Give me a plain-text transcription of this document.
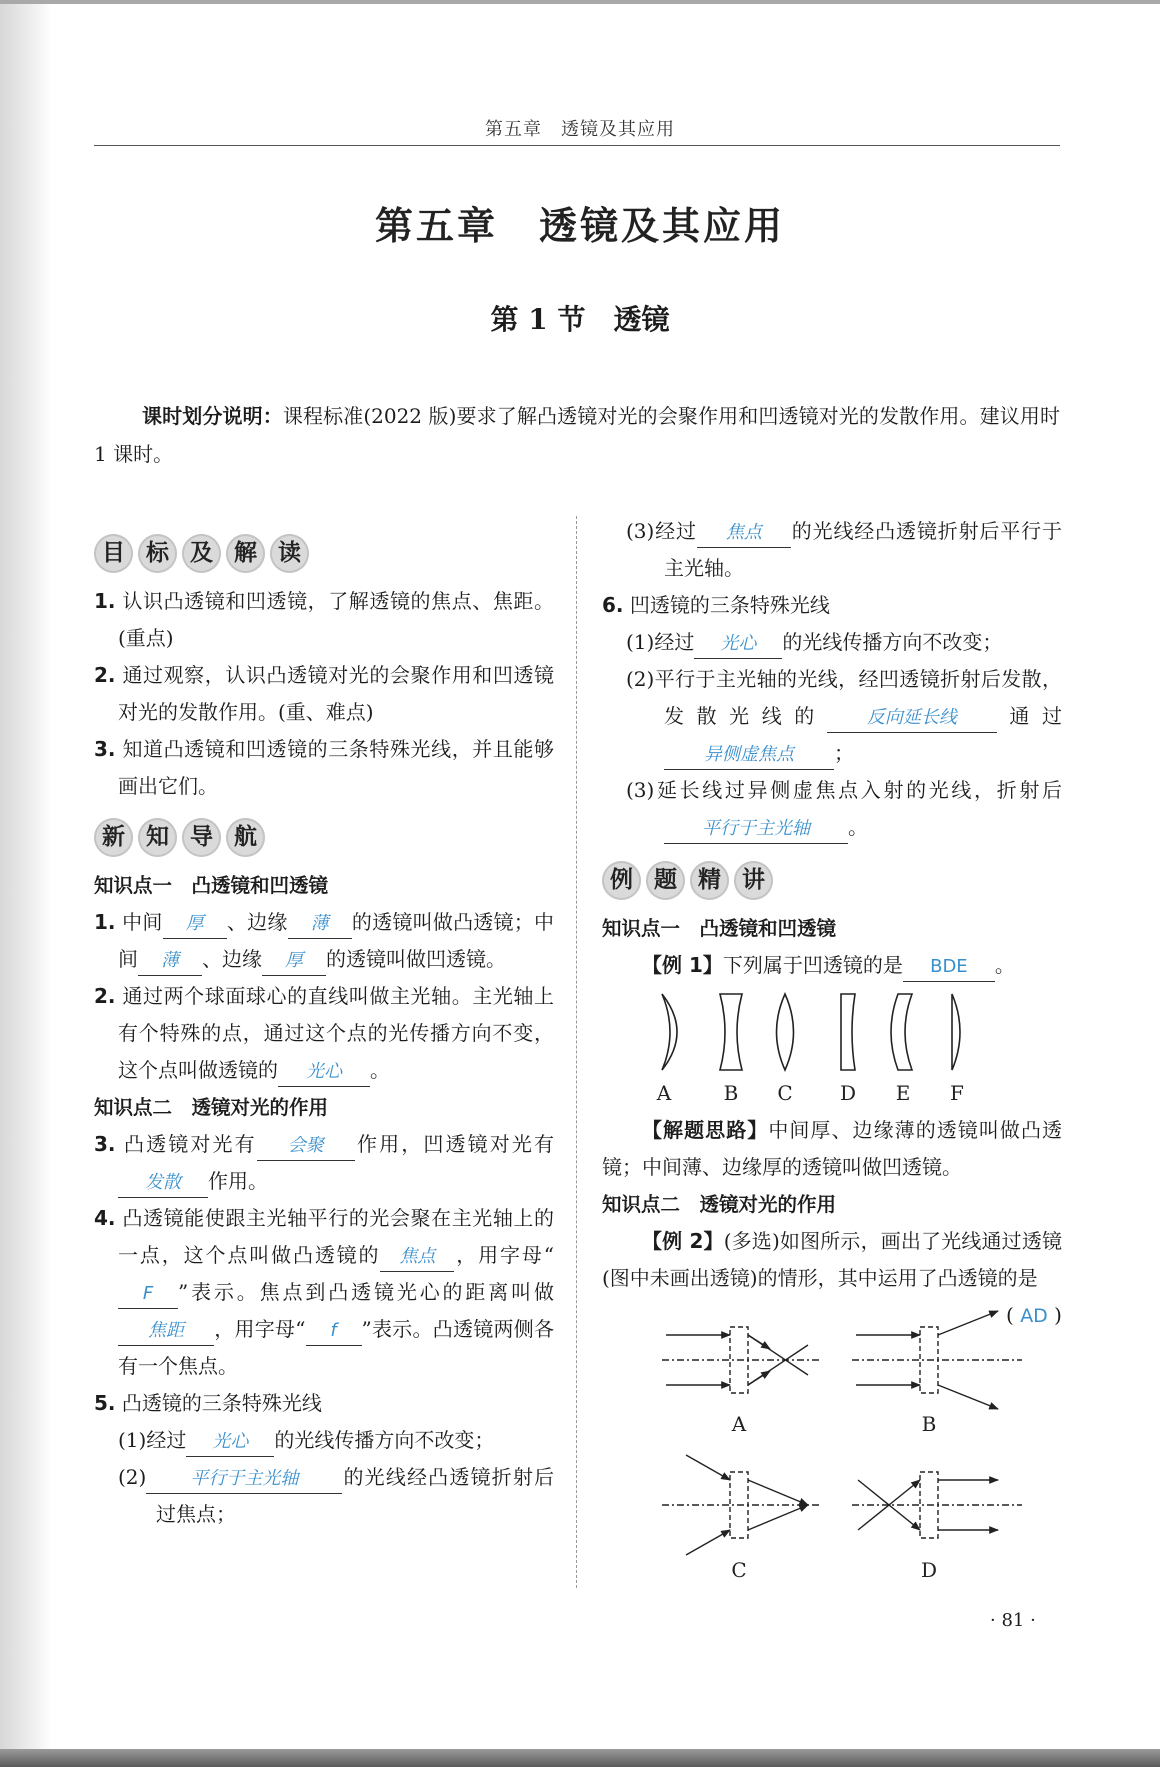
第五章　透镜及其应用
第五章　透镜及其应用
第 1 节　透镜
课时划分说明：课程标准(2022 版)要求了解凸透镜对光的会聚作用和凹透镜对光的发散作用。建议用时 1 课时。
目 标 及 解 读
1. 认识凸透镜和凹透镜，了解透镜的焦点、焦距。(重点)
2. 通过观察，认识凸透镜对光的会聚作用和凹透镜对光的发散作用。(重、难点)
3. 知道凸透镜和凹透镜的三条特殊光线，并且能够画出它们。
新 知 导 航
知识点一　凸透镜和凹透镜
1. 中间 厚 、边缘 薄 的透镜叫做凸透镜；中间 薄 、边缘 厚 的透镜叫做凹透镜。
2. 通过两个球面球心的直线叫做主光轴。主光轴上有个特殊的点，通过这个点的光传播方向不变，这个点叫做透镜的 光心 。
知识点二　透镜对光的作用
3. 凸透镜对光有 会聚 作用，凹透镜对光有发散 作用。
4. 凸透镜能使跟主光轴平行的光会聚在主光轴上的一点，这个点叫做凸透镜的 焦点 ，用字母“F ”表示。焦点到凸透镜光心的距离叫做焦距 ，用字母“ f ”表示。凸透镜两侧各有一个焦点。
5. 凸透镜的三条特殊光线
(1)经过 光心 的光线传播方向不改变；
(2) 平行于主光轴 的光线经凸透镜折射后过焦点；
(3)经过 焦点 的光线经凸透镜折射后平行于主光轴。
6. 凹透镜的三条特殊光线
(1)经过 光心 的光线传播方向不改变；
(2)平行于主光轴的光线，经凹透镜折射后发散，发散光线的 反向延长线 通过异侧虚焦点 ；
(3)延长线过异侧虚焦点入射的光线，折射后平行于主光轴 。
例 题 精 讲
知识点一　凸透镜和凹透镜
【例 1】下列属于凹透镜的是 BDE 。
A	B C D E F
【解题思路】中间厚、边缘薄的透镜叫做凸透镜；中间薄、边缘厚的透镜叫做凹透镜。
知识点二　透镜对光的作用
【例 2】(多选)如图所示，画出了光线通过透镜(图中未画出透镜)的情形，其中运用了凸透镜的是
( AD )
A	B
C	D
· 81 ·
